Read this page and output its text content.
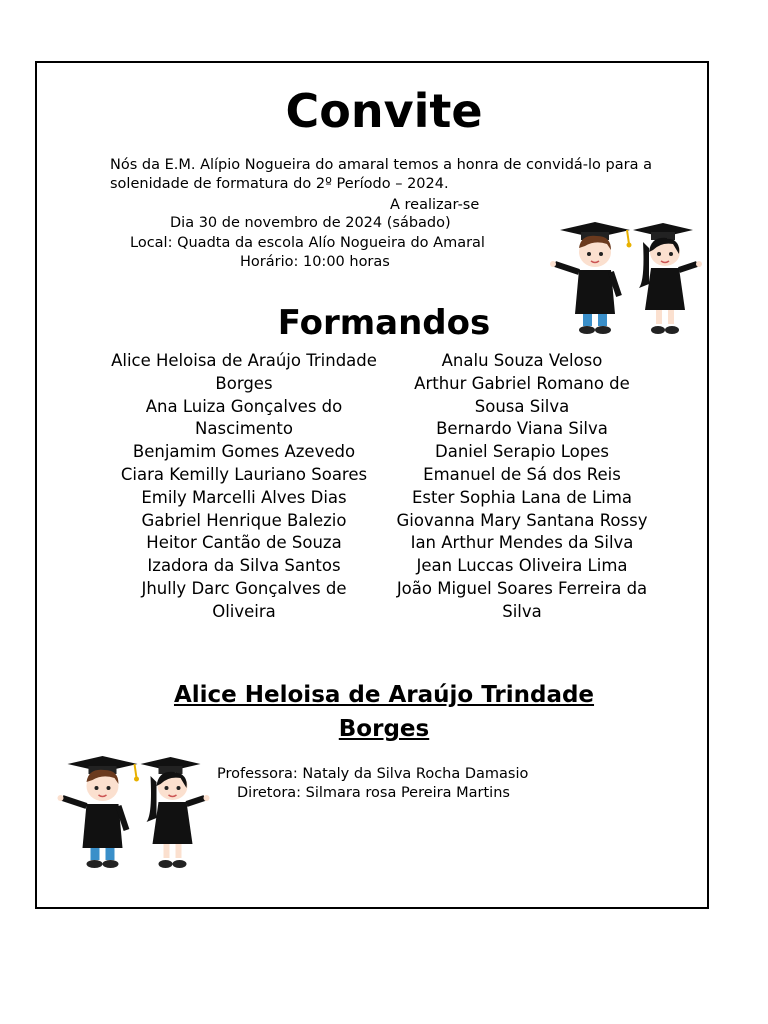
Convite
Nós da E.M. Alípio Nogueira do amaral temos a honra de convidá-lo para a solenidade de formatura do 2º Período – 2024.
A realizar-se
Dia 30 de novembro de 2024 (sábado)
Local: Quadta da escola Alío Nogueira do Amaral
Horário: 10:00 horas
Formandos
Alice Heloisa de Araújo Trindade Borges
Ana Luiza Gonçalves do Nascimento
Benjamim Gomes Azevedo
Ciara Kemilly Lauriano Soares
Emily Marcelli Alves Dias
Gabriel Henrique Balezio
Heitor Cantão de Souza
Izadora da Silva Santos
Jhully Darc Gonçalves de Oliveira
Analu Souza Veloso
Arthur Gabriel Romano de Sousa Silva
Bernardo Viana Silva
Daniel Serapio Lopes
Emanuel de Sá dos Reis
Ester Sophia Lana de Lima
Giovanna Mary Santana Rossy
Ian Arthur Mendes da Silva
Jean Luccas Oliveira Lima
João Miguel Soares Ferreira da Silva
Alice Heloisa de Araújo Trindade Borges
Professora: Nataly da Silva Rocha Damasio
Diretora: Silmara rosa Pereira Martins
